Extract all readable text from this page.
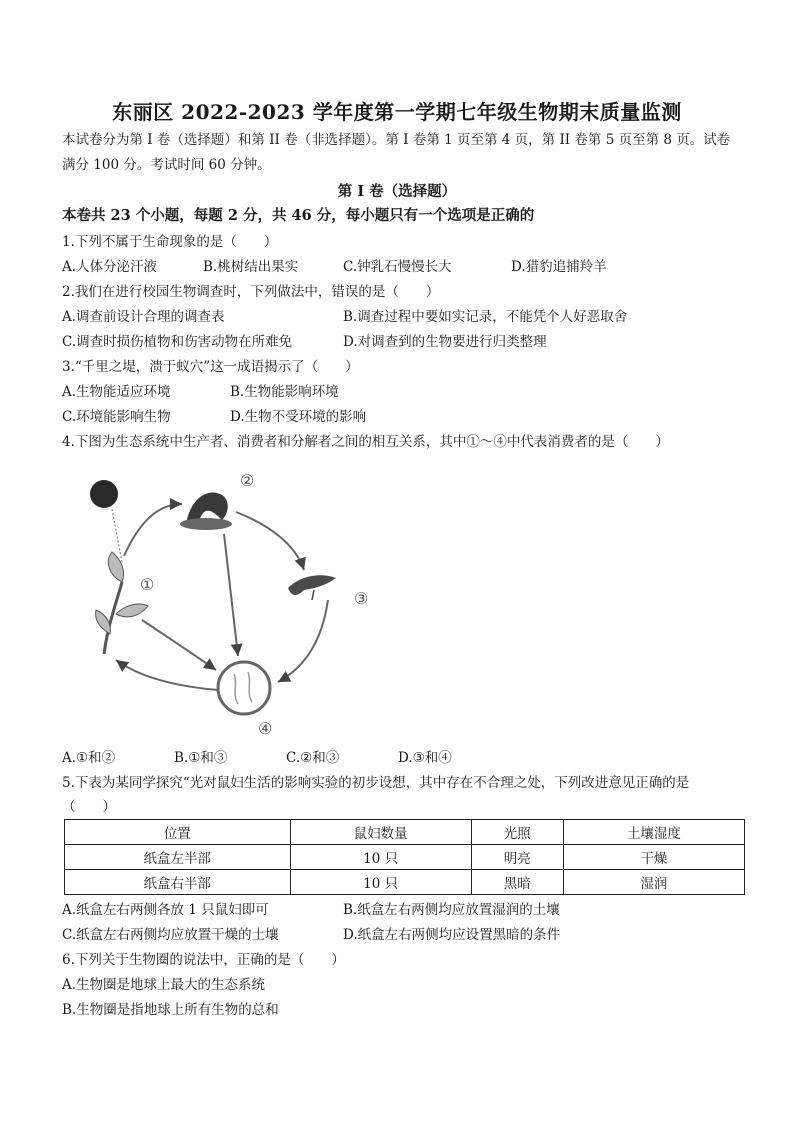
东丽区 2022-2023 学年度第一学期七年级生物期末质量监测
本试卷分为第 I 卷（选择题）和第 II 卷（非选择题）。第 I 卷第 1 页至第 4 页，第 II 卷第 5 页至第 8 页。试卷满分 100 分。考试时间 60 分钟。
第 I 卷（选择题）
本卷共 23 个小题，每题 2 分，共 46 分，每小题只有一个选项是正确的
1.下列不属于生命现象的是（　　）
A.人体分泌汗液	B.桃树结出果实	C.钟乳石慢慢长大	D.猎豹追捕羚羊
2.我们在进行校园生物调查时，下列做法中，错误的是（　　）
A.调查前设计合理的调查表	B.调查过程中要如实记录，不能凭个人好恶取舍
C.调查时损伤植物和伤害动物在所难免	D.对调查到的生物要进行归类整理
3.“千里之堤，溃于蚁穴”这一成语揭示了（　　）
A.生物能适应环境	B.生物能影响环境
C.环境能影响生物	D.生物不受环境的影响
4.下图为生态系统中生产者、消费者和分解者之间的相互关系，其中①～④中代表消费者的是（　　）
①
②
③
④
A.①和②	B.①和③	C.②和③	D.③和④
5.下表为某同学探究“光对鼠妇生活的影响实验的初步设想，其中存在不合理之处，下列改进意见正确的是
（　　）
位置	鼠妇数量	光照	土壤湿度
纸盒左半部	10 只	明亮	干燥
纸盒右半部	10 只	黑暗	湿润
A.纸盒左右两侧各放 1 只鼠妇即可	B.纸盒左右两侧均应放置湿润的土壤
C.纸盒左右两侧均应放置干燥的土壤	D.纸盒左右两侧均应设置黑暗的条件
6.下列关于生物圈的说法中，正确的是（　　）
A.生物圈是地球上最大的生态系统
B.生物圈是指地球上所有生物的总和
